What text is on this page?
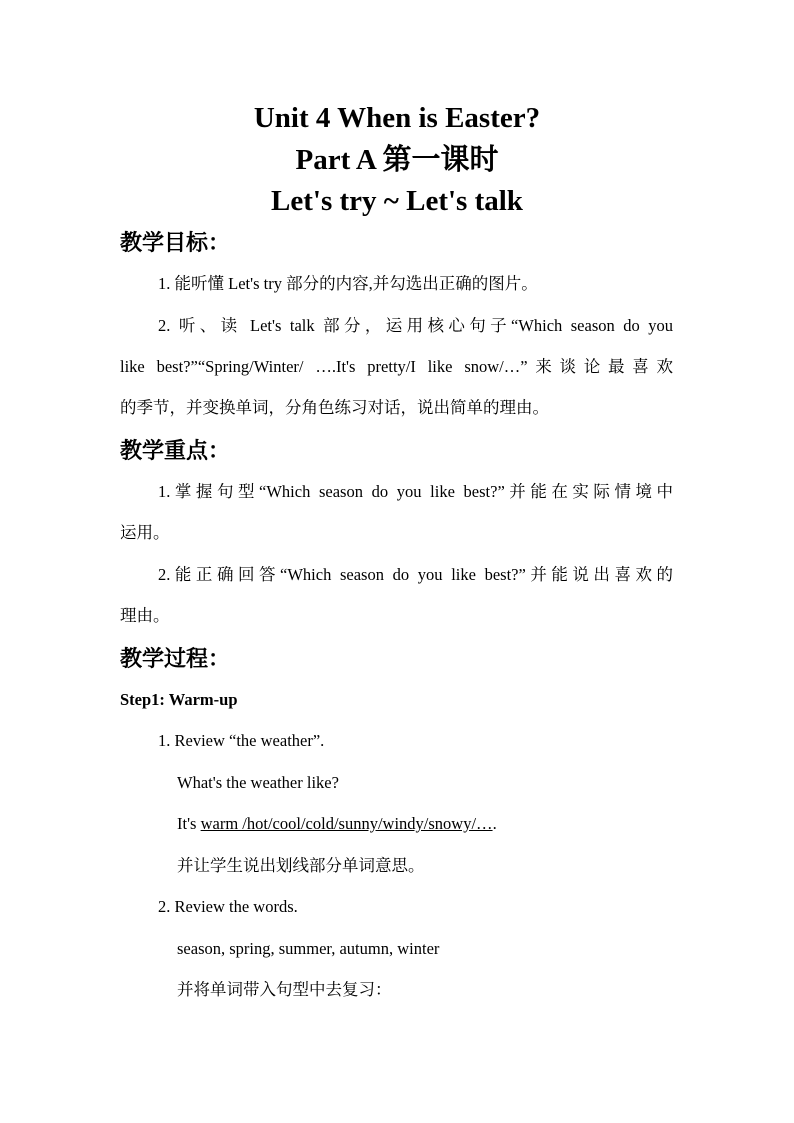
Unit 4 When is Easter?
Part A 第一课时
Let's try ~ Let's talk
教学目标：
1. 能听懂 Let's try 部分的内容,并勾选出正确的图片。
2. 听、读 Let's talk 部分，运用核心句子“Which season do you
like best?”“Spring/Winter/ ….It's pretty/I like snow/…”来谈论最喜欢
的季节，并变换单词，分角色练习对话，说出简单的理由。
教学重点：
1.掌握句型“Which season do you like best?”并能在实际情境中
运用。
2.能正确回答“Which season do you like best?”并能说出喜欢的
理由。
教学过程：
Step1: Warm-up
1. Review “the weather”.
What's the weather like?
It's warm /hot/cool/cold/sunny/windy/snowy/….
并让学生说出划线部分单词意思。
2. Review the words.
season, spring, summer, autumn, winter
并将单词带入句型中去复习：
